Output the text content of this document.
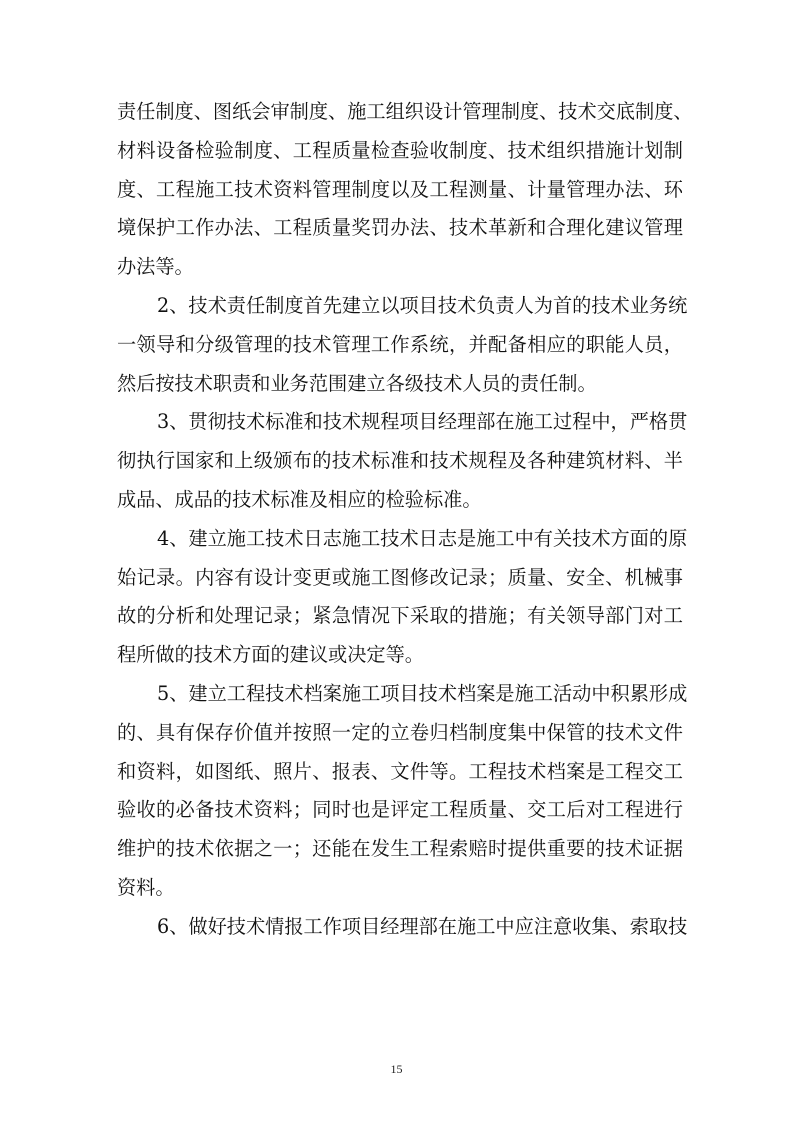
责任制度、图纸会审制度、施工组织设计管理制度、技术交底制度、
材料设备检验制度、工程质量检查验收制度、技术组织措施计划制
度、工程施工技术资料管理制度以及工程测量、计量管理办法、环
境保护工作办法、工程质量奖罚办法、技术革新和合理化建议管理
办法等。
2、技术责任制度首先建立以项目技术负责人为首的技术业务统
一领导和分级管理的技术管理工作系统，并配备相应的职能人员，
然后按技术职责和业务范围建立各级技术人员的责任制。
3、贯彻技术标准和技术规程项目经理部在施工过程中，严格贯
彻执行国家和上级颁布的技术标准和技术规程及各种建筑材料、半
成品、成品的技术标准及相应的检验标准。
4、建立施工技术日志施工技术日志是施工中有关技术方面的原
始记录。内容有设计变更或施工图修改记录；质量、安全、机械事
故的分析和处理记录；紧急情况下采取的措施；有关领导部门对工
程所做的技术方面的建议或决定等。
5、建立工程技术档案施工项目技术档案是施工活动中积累形成
的、具有保存价值并按照一定的立卷归档制度集中保管的技术文件
和资料，如图纸、照片、报表、文件等。工程技术档案是工程交工
验收的必备技术资料；同时也是评定工程质量、交工后对工程进行
维护的技术依据之一；还能在发生工程索赔时提供重要的技术证据
资料。
6、做好技术情报工作项目经理部在施工中应注意收集、索取技
15
